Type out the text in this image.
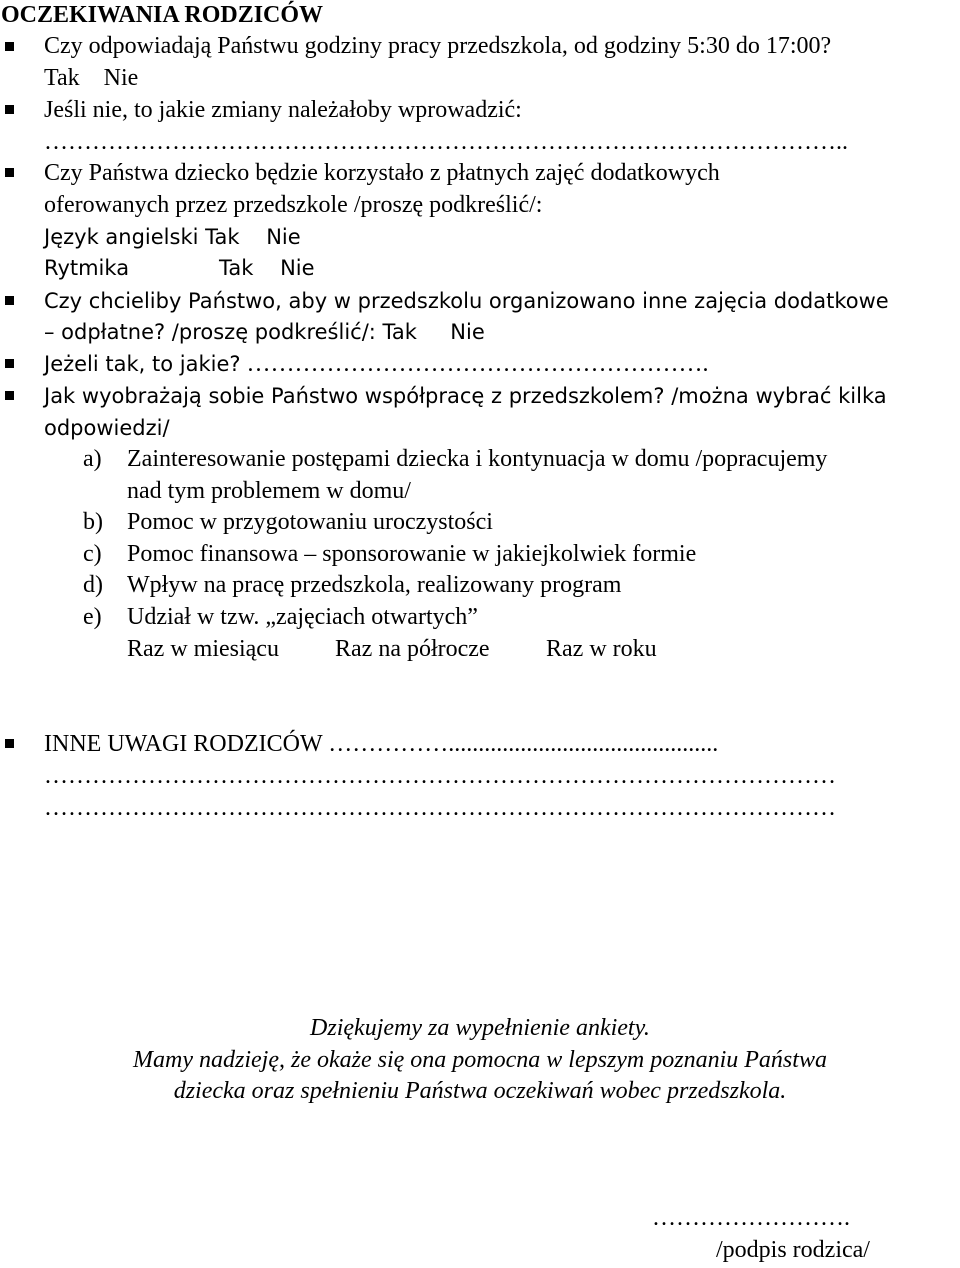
OCZEKIWANIA RODZICÓW
Czy odpowiadają Państwu godziny pracy przedszkola, od godziny 5:30 do 17:00?
Tak    Nie
Jeśli nie, to jakie zmiany należałoby wprowadzić:
………………………………………………………………………………………..
Czy Państwa dziecko będzie korzystało z płatnych zajęć dodatkowych
oferowanych przez przedszkole /proszę podkreślić/:
Język angielski Tak    Nie
Rytmika	Tak    Nie
Czy chcieliby Państwo, aby w przedszkolu organizowano inne zajęcia dodatkowe
– odpłatne? /proszę podkreślić/: Tak     Nie
Jeżeli tak, to jakie? ………………………………………………….
Jak wyobrażają sobie Państwo współpracę z przedszkolem? /można wybrać kilka
odpowiedzi/
a) Zainteresowanie postępami dziecka i kontynuacja w domu /popracujemy
nad tym problemem w domu/
b) Pomoc w przygotowaniu uroczystości
c) Pomoc finansowa – sponsorowanie w jakiejkolwiek formie
d) Wpływ na pracę przedszkola, realizowany program
e) Udział w tzw. „zajęciach otwartych”
Raz w miesiącu Raz na półrocze Raz w roku
INNE UWAGI RODZICÓW …………….............................................
………………………………………………………………………………………
………………………………………………………………………………………
Dziękujemy za wypełnienie ankiety.
Mamy nadzieję, że okaże się ona pomocna w lepszym poznaniu Państwa
dziecka oraz spełnieniu Państwa oczekiwań wobec przedszkola.
…………………….
/podpis rodzica/
